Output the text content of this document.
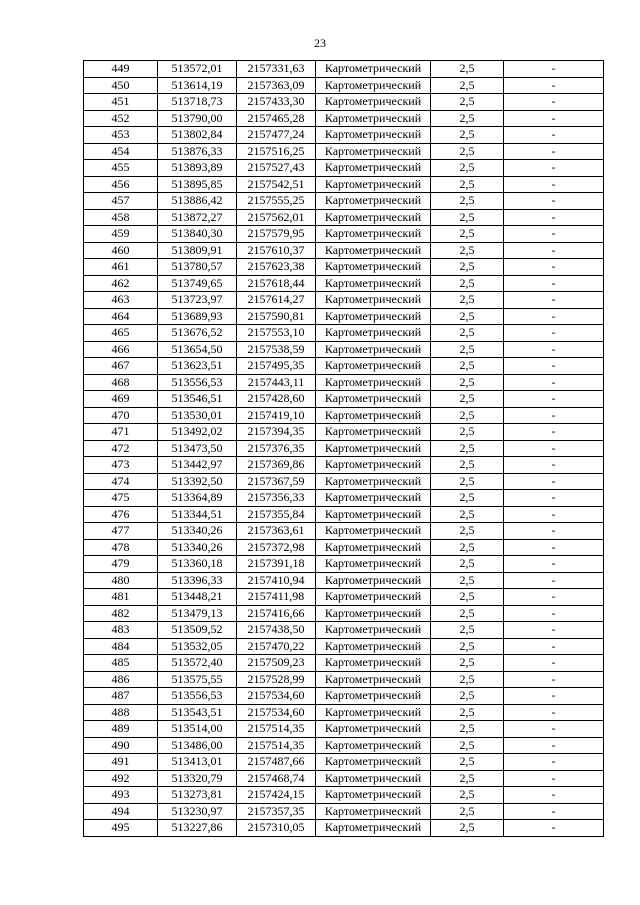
23
449	513572,01	2157331,63	Картометрический	2,5	-
450	513614,19	2157363,09	Картометрический	2,5	-
451	513718,73	2157433,30	Картометрический	2,5	-
452	513790,00	2157465,28	Картометрический	2,5	-
453	513802,84	2157477,24	Картометрический	2,5	-
454	513876,33	2157516,25	Картометрический	2,5	-
455	513893,89	2157527,43	Картометрический	2,5	-
456	513895,85	2157542,51	Картометрический	2,5	-
457	513886,42	2157555,25	Картометрический	2,5	-
458	513872,27	2157562,01	Картометрический	2,5	-
459	513840,30	2157579,95	Картометрический	2,5	-
460	513809,91	2157610,37	Картометрический	2,5	-
461	513780,57	2157623,38	Картометрический	2,5	-
462	513749,65	2157618,44	Картометрический	2,5	-
463	513723,97	2157614,27	Картометрический	2,5	-
464	513689,93	2157590,81	Картометрический	2,5	-
465	513676,52	2157553,10	Картометрический	2,5	-
466	513654,50	2157538,59	Картометрический	2,5	-
467	513623,51	2157495,35	Картометрический	2,5	-
468	513556,53	2157443,11	Картометрический	2,5	-
469	513546,51	2157428,60	Картометрический	2,5	-
470	513530,01	2157419,10	Картометрический	2,5	-
471	513492,02	2157394,35	Картометрический	2,5	-
472	513473,50	2157376,35	Картометрический	2,5	-
473	513442,97	2157369,86	Картометрический	2,5	-
474	513392,50	2157367,59	Картометрический	2,5	-
475	513364,89	2157356,33	Картометрический	2,5	-
476	513344,51	2157355,84	Картометрический	2,5	-
477	513340,26	2157363,61	Картометрический	2,5	-
478	513340,26	2157372,98	Картометрический	2,5	-
479	513360,18	2157391,18	Картометрический	2,5	-
480	513396,33	2157410,94	Картометрический	2,5	-
481	513448,21	2157411,98	Картометрический	2,5	-
482	513479,13	2157416,66	Картометрический	2,5	-
483	513509,52	2157438,50	Картометрический	2,5	-
484	513532,05	2157470,22	Картометрический	2,5	-
485	513572,40	2157509,23	Картометрический	2,5	-
486	513575,55	2157528,99	Картометрический	2,5	-
487	513556,53	2157534,60	Картометрический	2,5	-
488	513543,51	2157534,60	Картометрический	2,5	-
489	513514,00	2157514,35	Картометрический	2,5	-
490	513486,00	2157514,35	Картометрический	2,5	-
491	513413,01	2157487,66	Картометрический	2,5	-
492	513320,79	2157468,74	Картометрический	2,5	-
493	513273,81	2157424,15	Картометрический	2,5	-
494	513230,97	2157357,35	Картометрический	2,5	-
495	513227,86	2157310,05	Картометрический	2,5	-
